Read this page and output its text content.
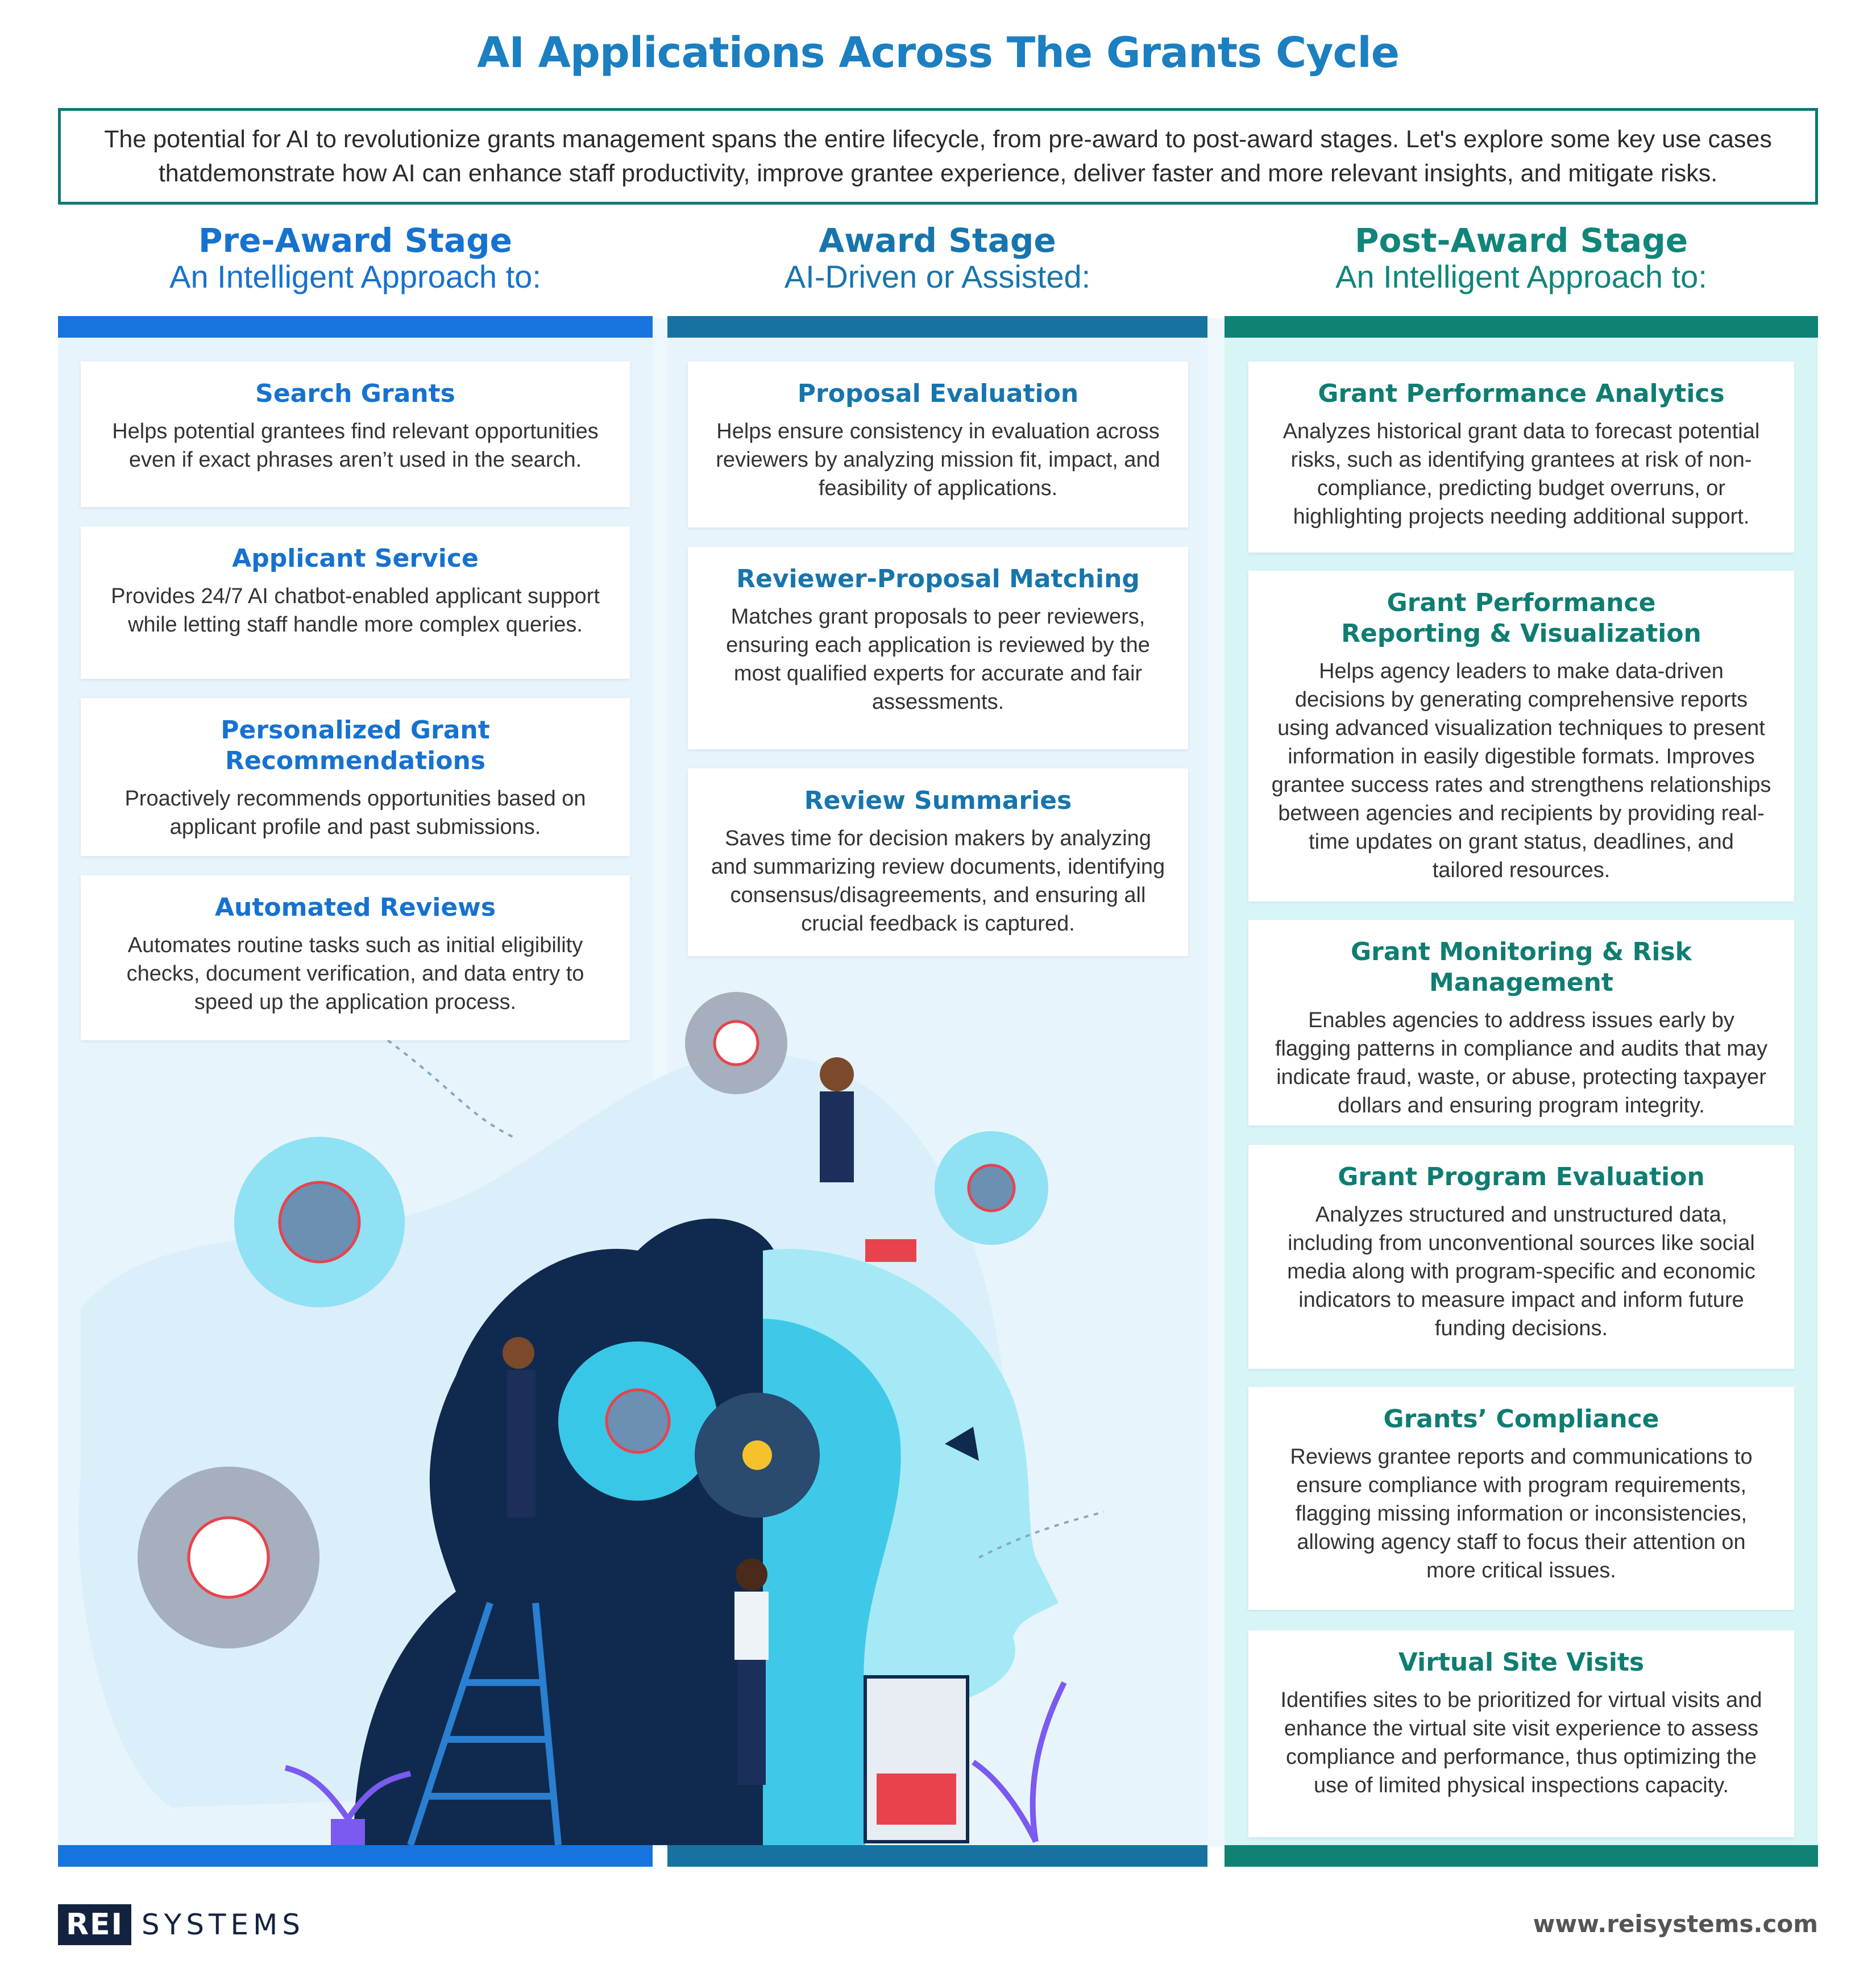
AI Applications Across The Grants Cycle
The potential for AI to revolutionize grants management spans the entire lifecycle, from pre-award to post-award stages. Let's explore some key use cases thatdemonstrate how AI can enhance staff productivity, improve grantee experience, deliver faster and more relevant insights, and mitigate risks.
Pre-Award Stage
An Intelligent Approach to:
Award Stage
AI-Driven or Assisted:
Post-Award Stage
An Intelligent Approach to:
Search Grants

Helps potential grantees find relevant opportunities even if exact phrases aren’t used in the search.

Applicant Service

Provides 24/7 AI chatbot-enabled applicant support while letting staff handle more complex queries.

Personalized Grant Recommendations

Proactively recommends opportunities based on applicant profile and past submissions.

Automated Reviews

Automates routine tasks such as initial eligibility checks, document verification, and data entry to speed up the application process.

Proposal Evaluation

Helps ensure consistency in evaluation across reviewers by analyzing mission fit, impact, and feasibility of applications.

Reviewer-Proposal Matching

Matches grant proposals to peer reviewers, ensuring each application is reviewed by the most qualified experts for accurate and fair assessments.

Review Summaries

Saves time for decision makers by analyzing and summarizing review documents, identifying consensus/disagreements, and ensuring all crucial feedback is captured.

Grant Performance Analytics

Analyzes historical grant data to forecast potential risks, such as identifying grantees at risk of non-compliance, predicting budget overruns, or highlighting projects needing additional support.

Grant Performance Reporting & Visualization

Helps agency leaders to make data-driven decisions by generating comprehensive reports using advanced visualization techniques to present information in easily digestible formats. Improves grantee success rates and strengthens relationships between agencies and recipients by providing real-time updates on grant status, deadlines, and tailored resources.

Grant Monitoring & Risk Management

Enables agencies to address issues early by flagging patterns in compliance and audits that may indicate fraud, waste, or abuse, protecting taxpayer dollars and ensuring program integrity.

Grant Program Evaluation

Analyzes structured and unstructured data, including from unconventional sources like social media along with program-specific and economic indicators to measure impact and inform future funding decisions.

Grants’ Compliance

Reviews grantee reports and communications to ensure compliance with program requirements, flagging missing information or inconsistencies, allowing agency staff to focus their attention on more critical issues.

Virtual Site Visits

Identifies sites to be prioritized for virtual visits and enhance the virtual site visit experience to assess compliance and performance, thus optimizing the use of limited physical inspections capacity.

REI SYSTEMS	www.reisystems.com
